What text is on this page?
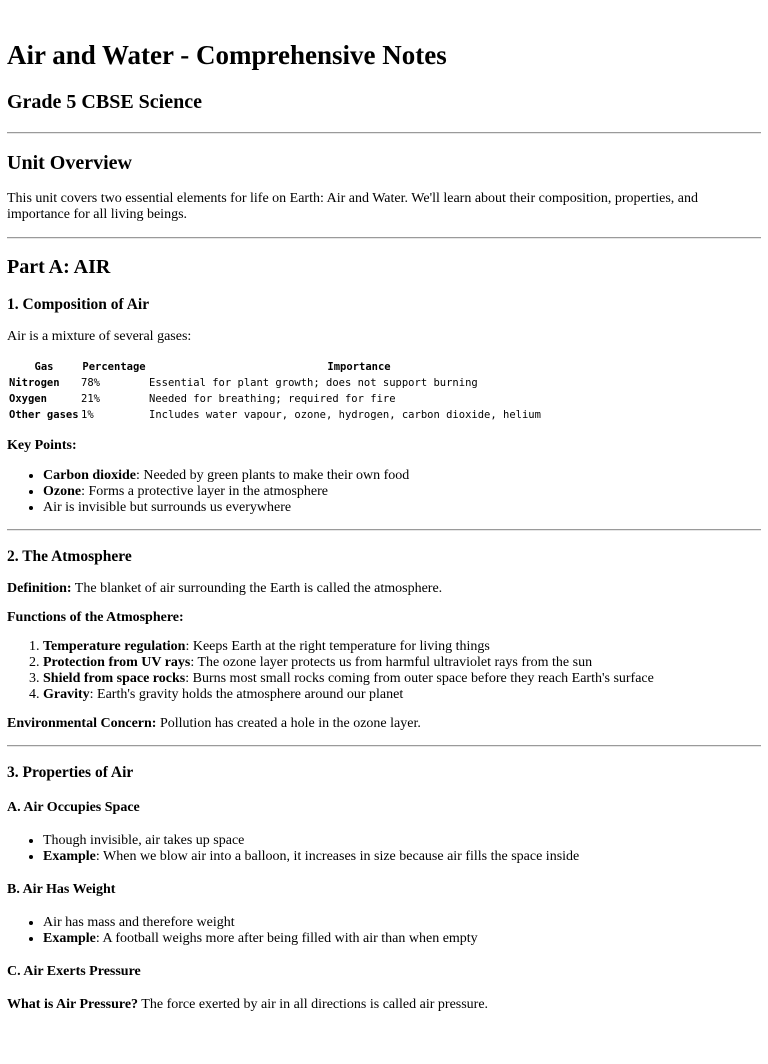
Air and Water - Comprehensive Notes
Grade 5 CBSE Science
Unit Overview

This unit covers two essential elements for life on Earth: Air and Water. We'll learn about their composition, properties, and importance for all living beings.

Part A: AIR
1. Composition of Air

Air is a mixture of several gases:

Gas	Percentage	Importance
Nitrogen	78%	Essential for plant growth; does not support burning
Oxygen	21%	Needed for breathing; required for fire
Other gases	1%	Includes water vapour, ozone, hydrogen, carbon dioxide, helium
Key Points:
• Carbon dioxide: Needed by green plants to make their own food
• Ozone: Forms a protective layer in the atmosphere
• Air is invisible but surrounds us everywhere
2. The Atmosphere

Definition: The blanket of air surrounding the Earth is called the atmosphere.

Functions of the Atmosphere:
1. Temperature regulation: Keeps Earth at the right temperature for living things
2. Protection from UV rays: The ozone layer protects us from harmful ultraviolet rays from the sun
3. Shield from space rocks: Burns most small rocks coming from outer space before they reach Earth's surface
4. Gravity: Earth's gravity holds the atmosphere around our planet

Environmental Concern: Pollution has created a hole in the ozone layer.

3. Properties of Air
A. Air Occupies Space
• Though invisible, air takes up space
• Example: When we blow air into a balloon, it increases in size because air fills the space inside
B. Air Has Weight
• Air has mass and therefore weight
• Example: A football weighs more after being filled with air than when empty
C. Air Exerts Pressure

What is Air Pressure? The force exerted by air in all directions is called air pressure.
